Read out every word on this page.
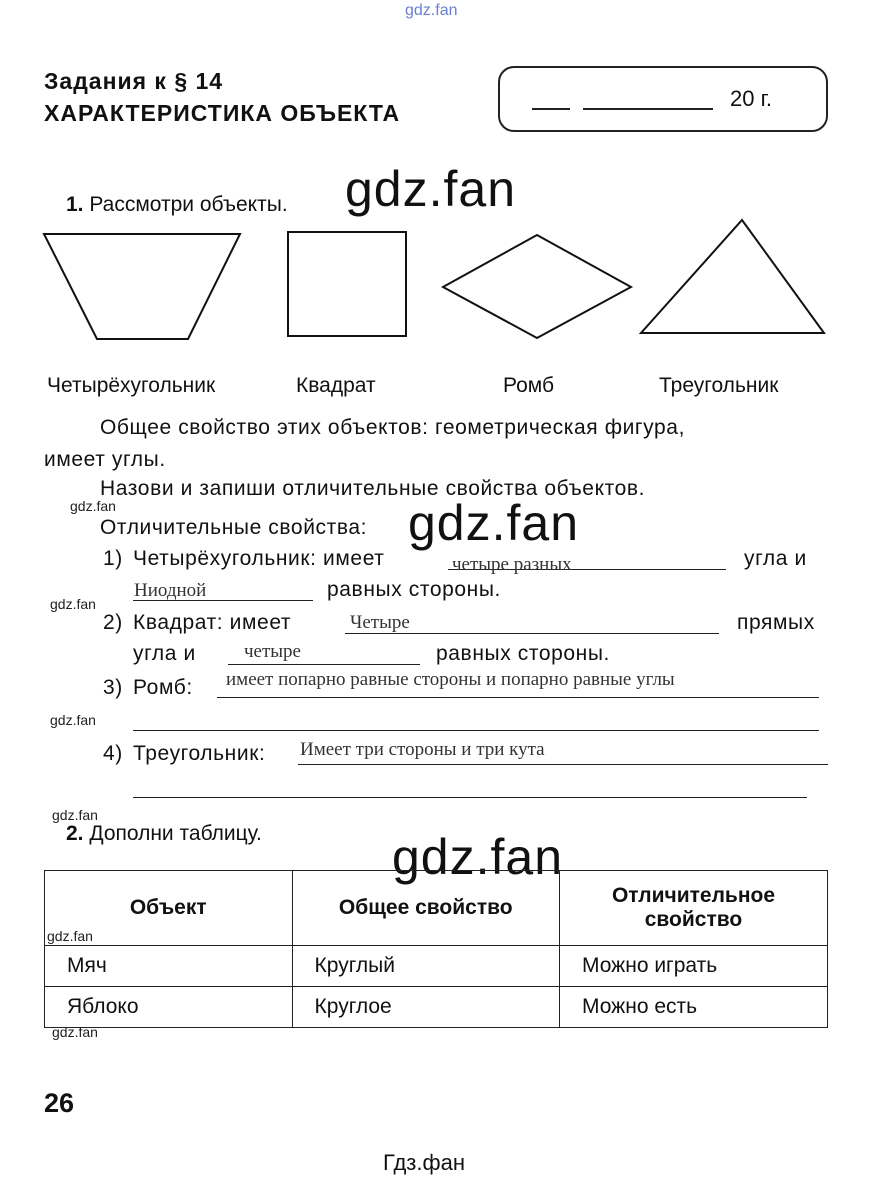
gdz.fan
gdz.fan
gdz.fan
gdz.fan
gdz.fan
gdz.fan
gdz.fan
gdz.fan
gdz.fan
gdz.fan
Задания к § 14
ХАРАКТЕРИСТИКА ОБЪЕКТА
20 г.
1. Рассмотри объекты.
Четырёхугольник	Квадрат	Ромб	Треугольник
Общее свойство этих объектов: геометрическая фигура,
имеет углы.
Назови и запиши отличительные свойства объектов.
Отличительные свойства:
1) Четырёхугольник: имеет	четыре разных	угла и
Ниодной	равных стороны.
2) Квадрат: имеет	Четыре	прямых
угла и	четыре	равных стороны.
3) Ромб: имеет попарно равные стороны и попарно равные углы
4) Треугольник: Имеет три стороны и три кута
2. Дополни таблицу.
Объект	Общее свойство	Отличительное свойство
Мяч	Круглый	Можно играть
Яблоко	Круглое	Можно есть
26
Гдз.фан
